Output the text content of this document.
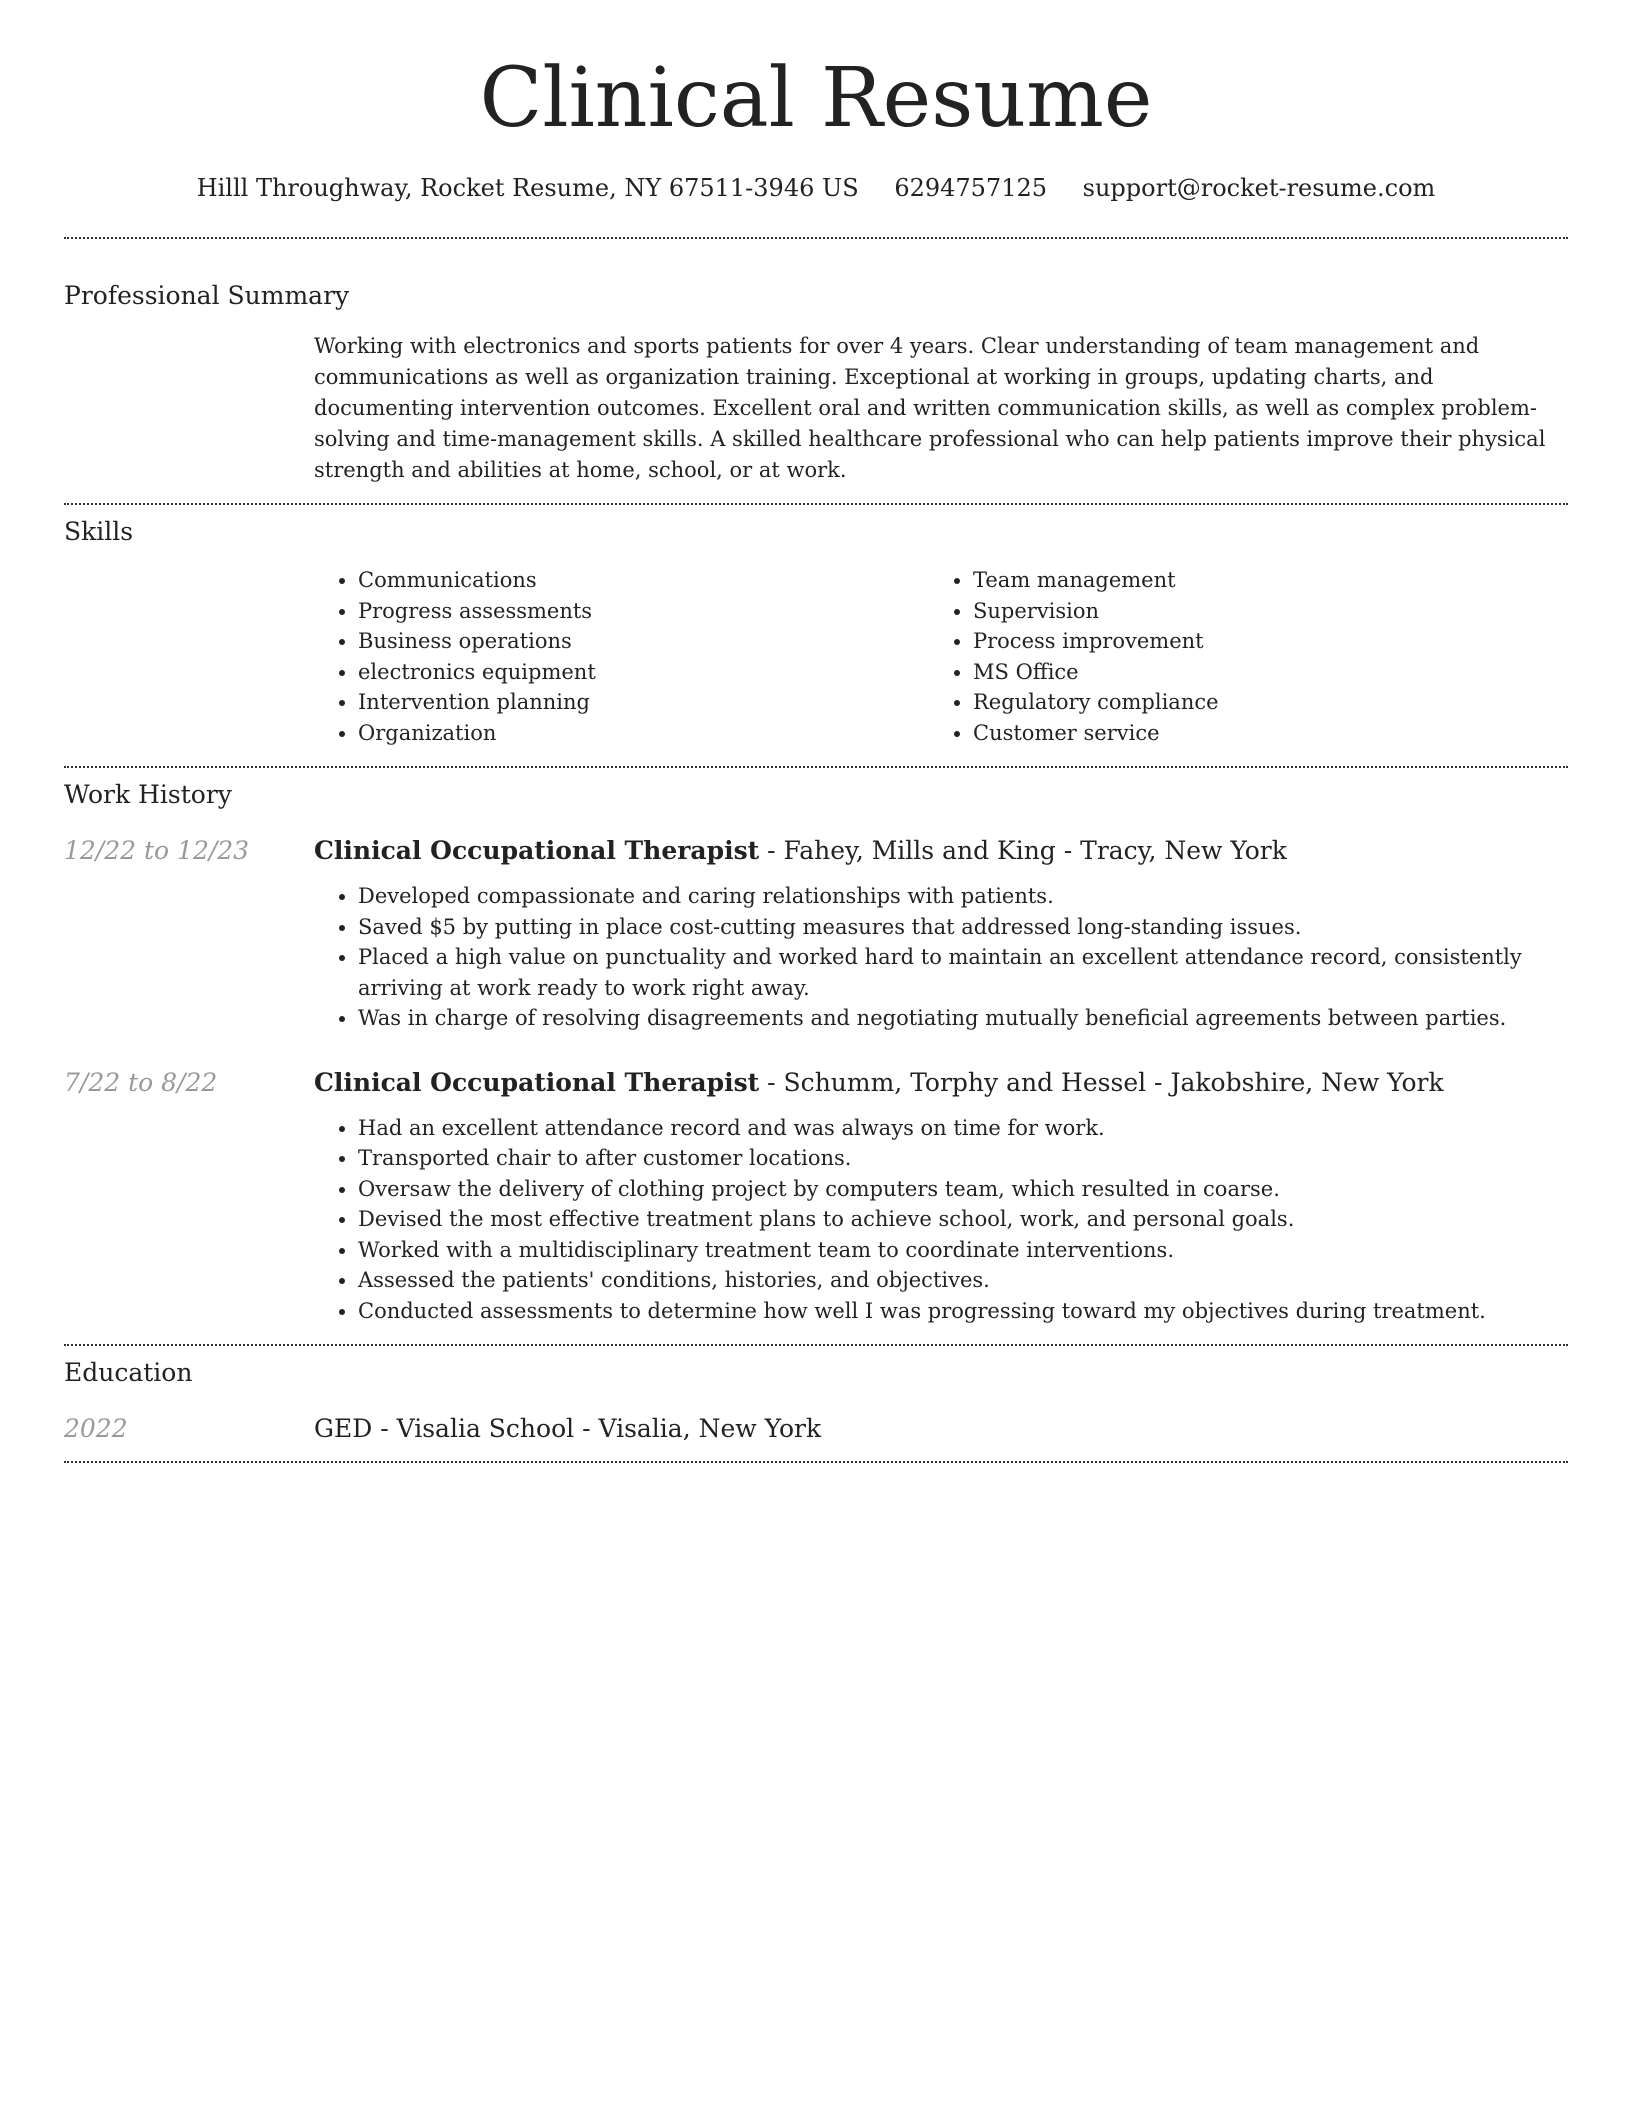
Clinical Resume
Hilll Throughway, Rocket Resume, NY 67511-3946 US 6294757125 support@rocket-resume.com
Professional Summary
Working with electronics and sports patients for over 4 years. Clear understanding of team management and communications as well as organization training. Exceptional at working in groups, updating charts, and documenting intervention outcomes. Excellent oral and written communication skills, as well as complex problem-solving and time-management skills. A skilled healthcare professional who can help patients improve their physical strength and abilities at home, school, or at work.
Skills
• Communications
• Progress assessments
• Business operations
• electronics equipment
• Intervention planning
• Organization
• Team management
• Supervision
• Process improvement
• MS Office
• Regulatory compliance
• Customer service
Work History
12/22 to 12/23	Clinical Occupational Therapist - Fahey, Mills and King - Tracy, New York
• Developed compassionate and caring relationships with patients.
• Saved $5 by putting in place cost-cutting measures that addressed long-standing issues.
• Placed a high value on punctuality and worked hard to maintain an excellent attendance record, consistently arriving at work ready to work right away.
• Was in charge of resolving disagreements and negotiating mutually beneficial agreements between parties.
7/22 to 8/22	Clinical Occupational Therapist - Schumm, Torphy and Hessel - Jakobshire, New York
• Had an excellent attendance record and was always on time for work.
• Transported chair to after customer locations.
• Oversaw the delivery of clothing project by computers team, which resulted in coarse.
• Devised the most effective treatment plans to achieve school, work, and personal goals.
• Worked with a multidisciplinary treatment team to coordinate interventions.
• Assessed the patients' conditions, histories, and objectives.
• Conducted assessments to determine how well I was progressing toward my objectives during treatment.
Education
2022	GED - Visalia School - Visalia, New York
